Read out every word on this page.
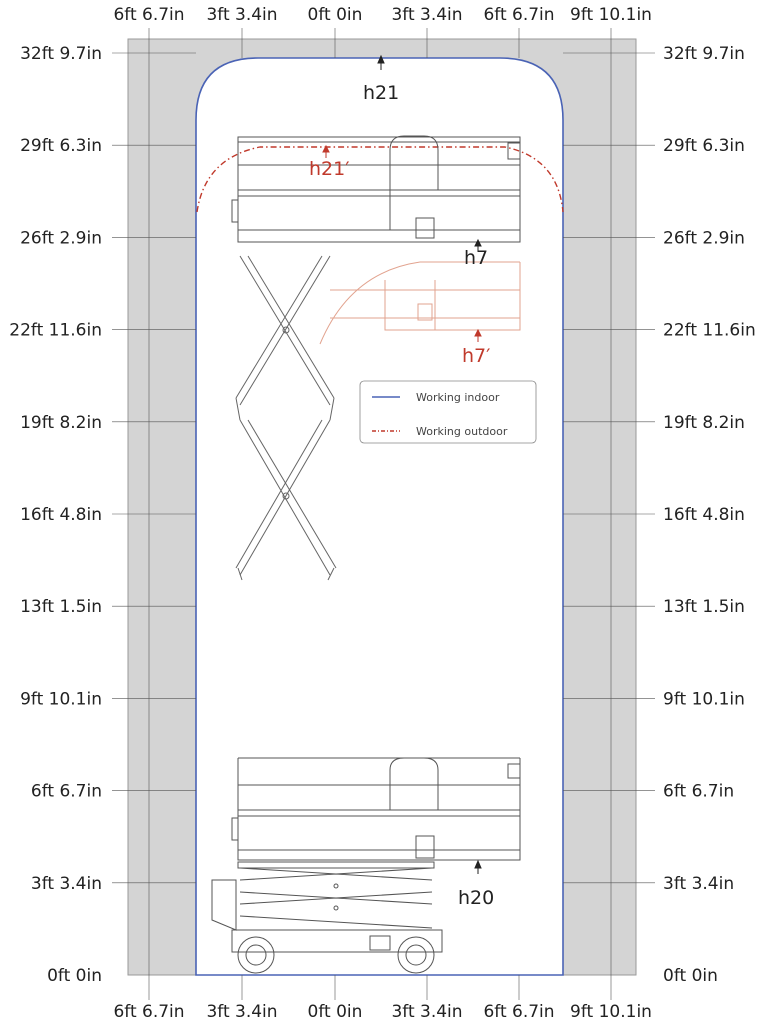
h21
h21′
h7
h7′
h20
Working indoor
Working outdoor
0ft 0in
3ft 3.4in
6ft 6.7in
9ft 10.1in
13ft 1.5in
16ft 4.8in
19ft 8.2in
22ft 11.6in
26ft 2.9in
29ft 6.3in
32ft 9.7in
0ft 0in
3ft 3.4in
6ft 6.7in
9ft 10.1in
13ft 1.5in
16ft 4.8in
19ft 8.2in
22ft 11.6in
26ft 2.9in
29ft 6.3in
32ft 9.7in
6ft 6.7in 3ft 3.4in 0ft 0in 3ft 3.4in 6ft 6.7in 9ft 10.1in
6ft 6.7in 3ft 3.4in 0ft 0in 3ft 3.4in 6ft 6.7in 9ft 10.1in
